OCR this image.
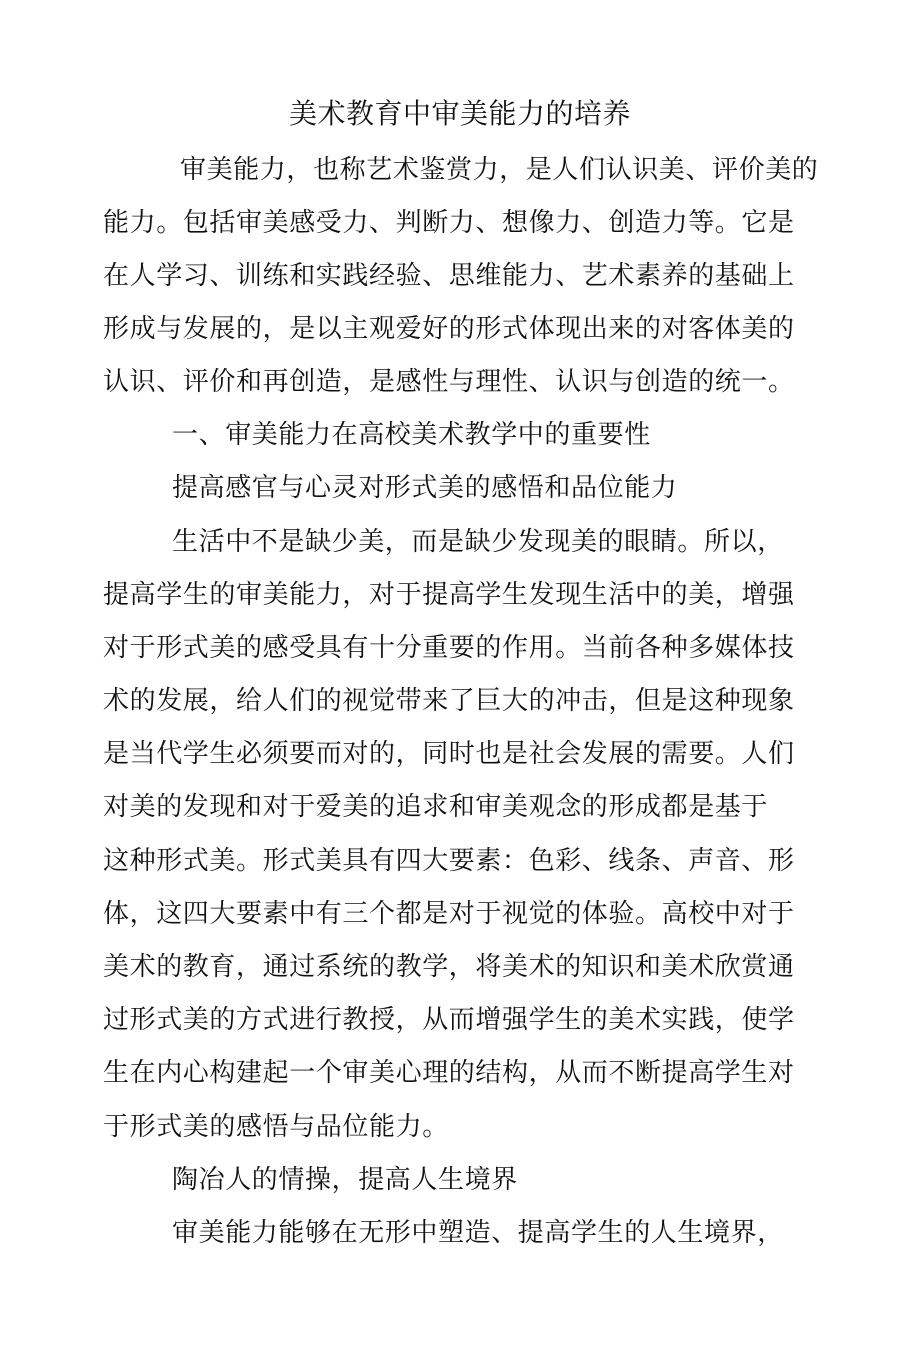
美术教育中审美能力的培养
审美能力，也称艺术鉴赏力，是人们认识美、评价美的
能力。包括审美感受力、判断力、想像力、创造力等。它是
在人学习、训练和实践经验、思维能力、艺术素养的基础上
形成与发展的，是以主观爱好的形式体现出来的对客体美的
认识、评价和再创造，是感性与理性、认识与创造的统一。
一、审美能力在高校美术教学中的重要性
提高感官与心灵对形式美的感悟和品位能力
生活中不是缺少美，而是缺少发现美的眼睛。所以，
提高学生的审美能力，对于提高学生发现生活中的美，增强
对于形式美的感受具有十分重要的作用。当前各种多媒体技
术的发展，给人们的视觉带来了巨大的冲击，但是这种现象
是当代学生必须要而对的，同时也是社会发展的需要。人们
对美的发现和对于爱美的追求和审美观念的形成都是基于
这种形式美。形式美具有四大要素：色彩、线条、声音、形
体，这四大要素中有三个都是对于视觉的体验。高校中对于
美术的教育，通过系统的教学，将美术的知识和美术欣赏通
过形式美的方式进行教授，从而增强学生的美术实践，使学
生在内心构建起一个审美心理的结构，从而不断提高学生对
于形式美的感悟与品位能力。
陶冶人的情操，提高人生境界
审美能力能够在无形中塑造、提高学生的人生境界，
